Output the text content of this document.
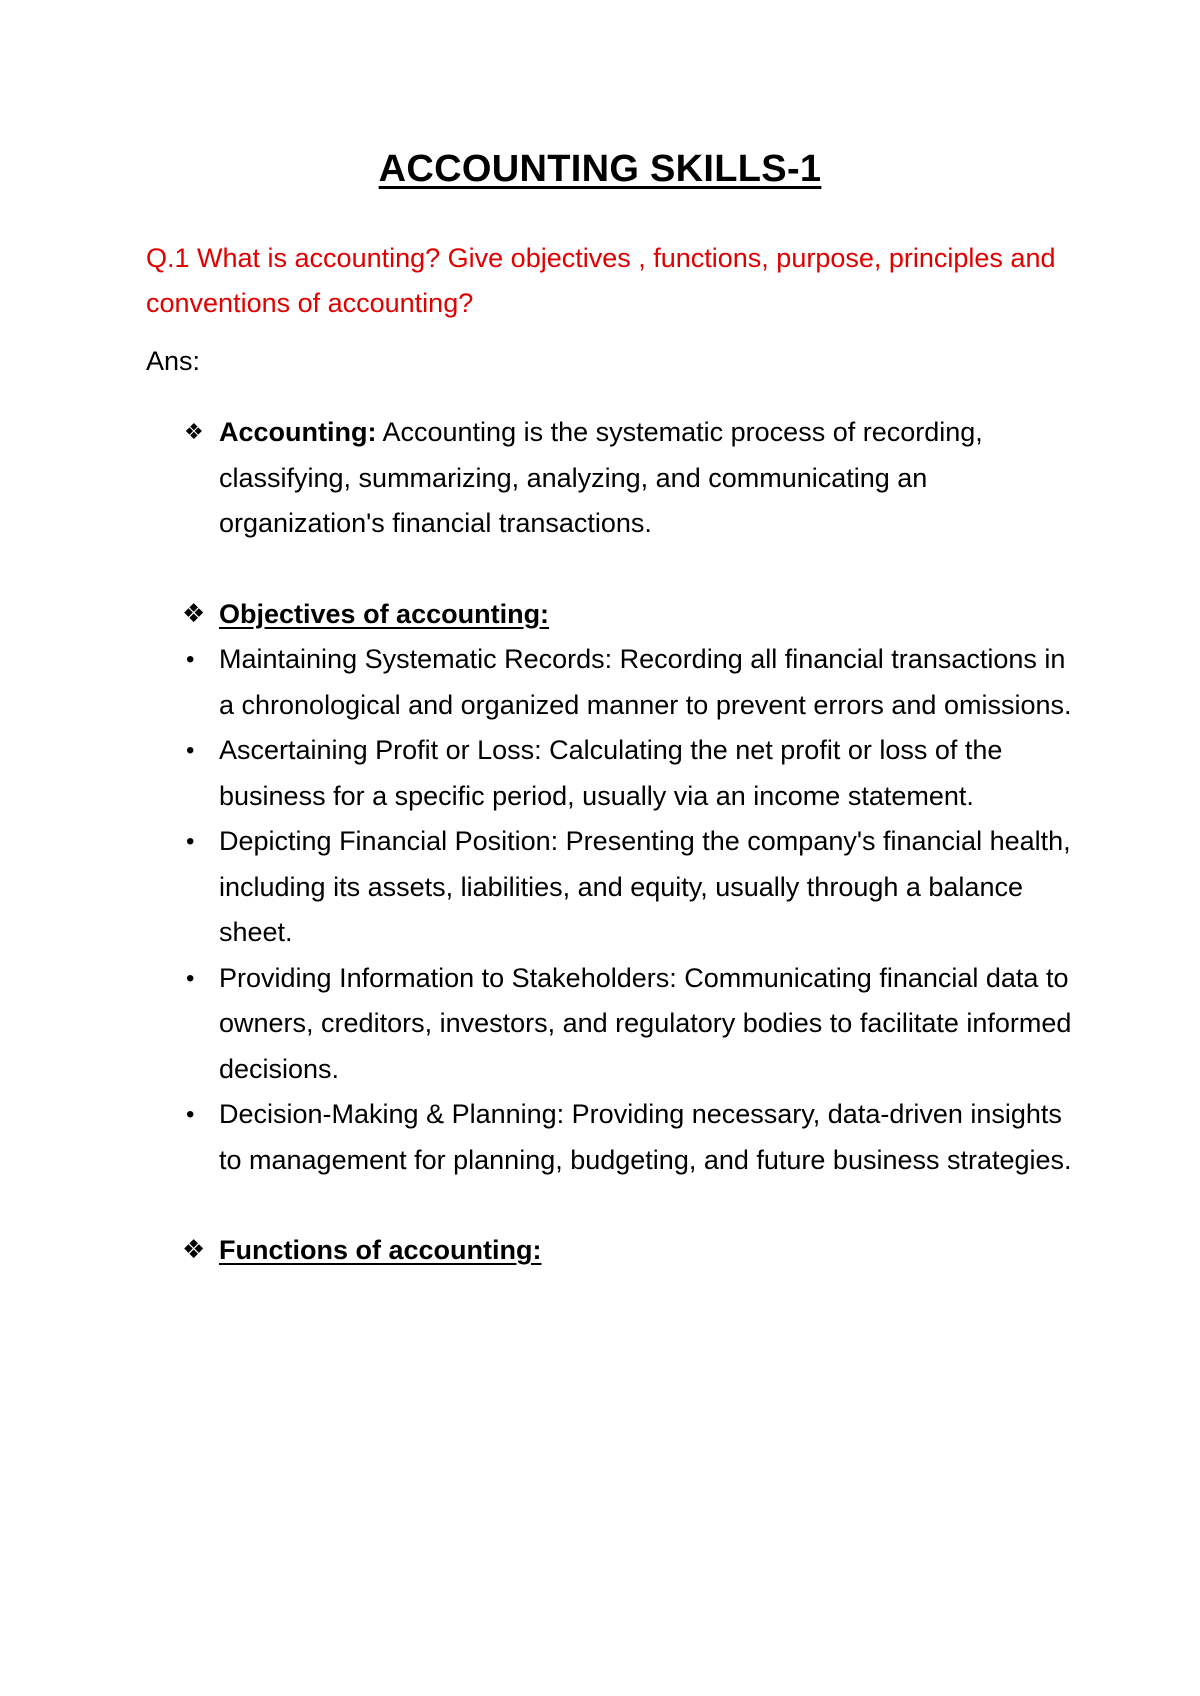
ACCOUNTING SKILLS-1
Q.1 What is accounting? Give objectives , functions, purpose, principles and conventions of accounting?
Ans:
❖ Accounting: Accounting is the systematic process of recording, classifying, summarizing, analyzing, and communicating an organization's financial transactions.
❖ Objectives of accounting:
• Maintaining Systematic Records: Recording all financial transactions in a chronological and organized manner to prevent errors and omissions.
• Ascertaining Profit or Loss: Calculating the net profit or loss of the business for a specific period, usually via an income statement.
• Depicting Financial Position: Presenting the company's financial health, including its assets, liabilities, and equity, usually through a balance sheet.
• Providing Information to Stakeholders: Communicating financial data to owners, creditors, investors, and regulatory bodies to facilitate informed decisions.
• Decision-Making & Planning: Providing necessary, data-driven insights to management for planning, budgeting, and future business strategies.
❖ Functions of accounting:
